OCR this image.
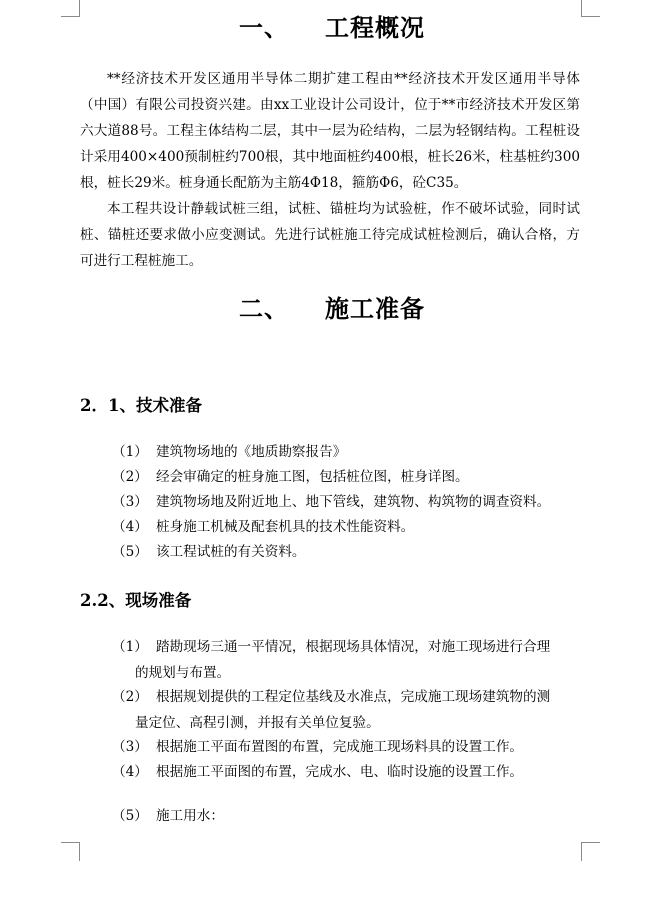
一、 工程概况

**经济技术开发区通用半导体二期扩建工程由**经济技术开发区通用半导体（中国）有限公司投资兴建。由xx工业设计公司设计，位于**市经济技术开发区第六大道88号。工程主体结构二层，其中一层为砼结构，二层为轻钢结构。工程桩设计采用400×400预制桩约700根，其中地面桩约400根，桩长26米，柱基桩约300根，桩长29米。桩身通长配筋为主筋4Φ18，箍筋Φ6，砼C35。

本工程共设计静载试桩三组，试桩、锚桩均为试验桩，作不破坏试验，同时试桩、锚桩还要求做小应变测试。先进行试桩施工待完成试桩检测后，确认合格，方可进行工程桩施工。

二、 施工准备
2．1、技术准备
（1） 建筑物场地的《地质勘察报告》
（2） 经会审确定的桩身施工图，包括桩位图，桩身详图。
（3） 建筑物场地及附近地上、地下管线，建筑物、构筑物的调查资料。
（4） 桩身施工机械及配套机具的技术性能资料。
（5） 该工程试桩的有关资料。
2.2、现场准备
（1） 踏勘现场三通一平情况，根据现场具体情况，对施工现场进行合理
的规划与布置。
（2） 根据规划提供的工程定位基线及水准点，完成施工现场建筑物的测
量定位、高程引测，并报有关单位复验。
（3） 根据施工平面布置图的布置，完成施工现场料具的设置工作。
（4） 根据施工平面图的布置，完成水、电、临时设施的设置工作。
（5） 施工用水：
